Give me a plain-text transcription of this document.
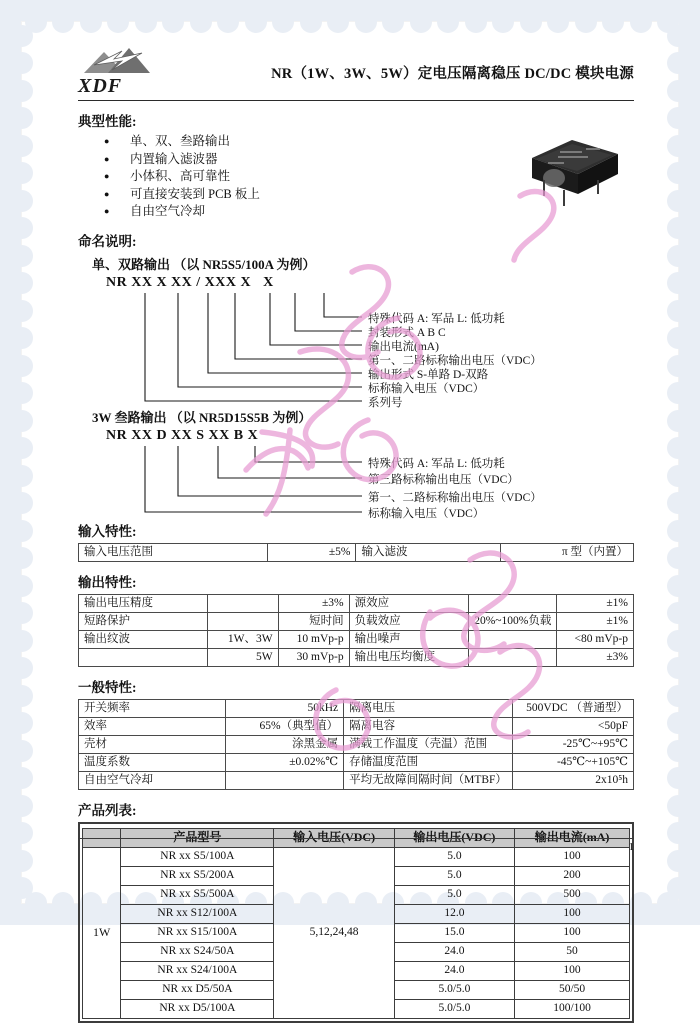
XDF
NR（1W、3W、5W）定电压隔离稳压 DC/DC 模块电源
典型性能:
● 单、双、叁路输出
● 内置输入滤波器
● 小体积、高可靠性
● 可直接安装到 PCB 板上
● 自由空气冷却
命名说明:
单、双路输出 （以 NR5S5/100A 为例）
NR XX X XX / XXX X   X
特殊代码 A: 军品 L: 低功耗
封装形式 A B C
输出电流(mA)
第一、二路标称输出电压（VDC）
输出形式 S-单路 D-双路
标称输入电压（VDC）
系列号
3W 叁路输出 （以 NR5D15S5B 为例）
NR XX D XX S XX B X
特殊代码 A: 军品 L: 低功耗
第三路标称输出电压（VDC）
第一、二路标称输出电压（VDC）
标称输入电压（VDC）
输入特性:
输入电压范围	±5%	输入滤波	π 型（内置）
输出特性:
输出电压精度		±3%	源效应		±1%
短路保护		短时间	负载效应	20%~100%负载	±1%
输出纹波	1W、3W	10 mVp-p	输出噪声		<80 mVp-p
	5W	30 mVp-p	输出电压均衡度		±3%
一般特性:
开关频率	50kHz	隔离电压	500VDC （普通型）
效率	65%（典型值）	隔离电容	<50pF
壳材	涂黑金属	满载工作温度（壳温）范围	-25℃~+95℃
温度系数	±0.02%℃	存储温度范围	-45℃~+105℃
自由空气冷却		平均无故障间隔时间（MTBF）	2x10⁵h
产品列表:
	产品型号	输入电压(VDC)	输出电压(VDC)	输出电流(mA)
1W	NR xx S5/100A	5,12,24,48	5.0	100
	NR xx S5/200A		5.0	200
	NR xx S5/500A		5.0	500
	NR xx S12/100A		12.0	100
	NR xx S15/100A		15.0	100
	NR xx S24/50A		24.0	50
	NR xx S24/100A		24.0	100
	NR xx D5/50A		5.0/5.0	50/50
	NR xx D5/100A		5.0/5.0	100/100
1
